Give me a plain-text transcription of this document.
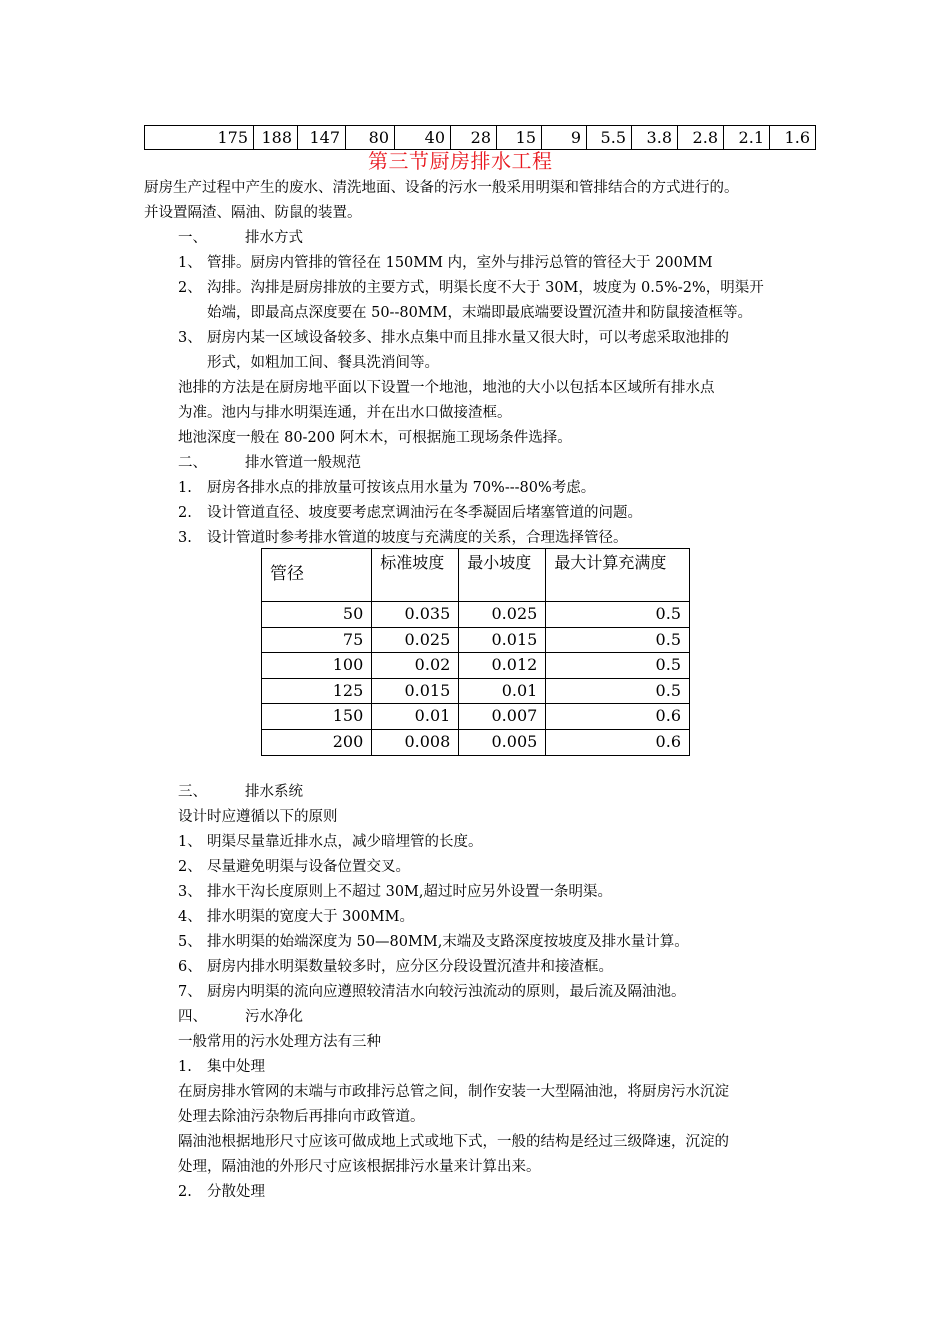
175	188	147	80	40	28	15	9	5.5	3.8	2.8	2.1	1.6
第三节厨房排水工程
厨房生产过程中产生的废水、清洗地面、设备的污水一般采用明渠和管排结合的方式进行的。
并设置隔渣、隔油、防鼠的装置。
一、	排水方式
1、 管排。厨房内管排的管径在 150MM 内，室外与排污总管的管径大于 200MM
2、 沟排。沟排是厨房排放的主要方式，明渠长度不大于 30M，坡度为 0.5%-2%，明渠开
始端，即最高点深度要在 50--80MM，末端即最底端要设置沉渣井和防鼠接渣框等。
3、 厨房内某一区域设备较多、排水点集中而且排水量又很大时，可以考虑采取池排的
形式，如粗加工间、餐具洗消间等。
池排的方法是在厨房地平面以下设置一个地池，地池的大小以包括本区域所有排水点
为准。池内与排水明渠连通，并在出水口做接渣框。
地池深度一般在 80-200 阿木木，可根据施工现场条件选择。
二、	排水管道一般规范
1. 厨房各排水点的排放量可按该点用水量为 70%---80%考虑。
2. 设计管道直径、坡度要考虑烹调油污在冬季凝固后堵塞管道的问题。
3. 设计管道时参考排水管道的坡度与充满度的关系，合理选择管径。
管径	标准坡度	最小坡度	最大计算充满度
50	0.035	0.025	0.5
75	0.025	0.015	0.5
100	0.02	0.012	0.5
125	0.015	0.01	0.5
150	0.01	0.007	0.6
200	0.008	0.005	0.6
三、	排水系统
设计时应遵循以下的原则
1、 明渠尽量靠近排水点，减少暗埋管的长度。
2、 尽量避免明渠与设备位置交叉。
3、 排水干沟长度原则上不超过 30M,超过时应另外设置一条明渠。
4、 排水明渠的宽度大于 300MM。
5、 排水明渠的始端深度为 50—80MM,末端及支路深度按坡度及排水量计算。
6、 厨房内排水明渠数量较多时，应分区分段设置沉渣井和接渣框。
7、 厨房内明渠的流向应遵照较清洁水向较污浊流动的原则，最后流及隔油池。
四、	污水净化
一般常用的污水处理方法有三种
1. 集中处理
在厨房排水管网的末端与市政排污总管之间，制作安装一大型隔油池，将厨房污水沉淀
处理去除油污杂物后再排向市政管道。
隔油池根据地形尺寸应该可做成地上式或地下式，一般的结构是经过三级降速，沉淀的
处理，隔油池的外形尺寸应该根据排污水量来计算出来。
2. 分散处理
